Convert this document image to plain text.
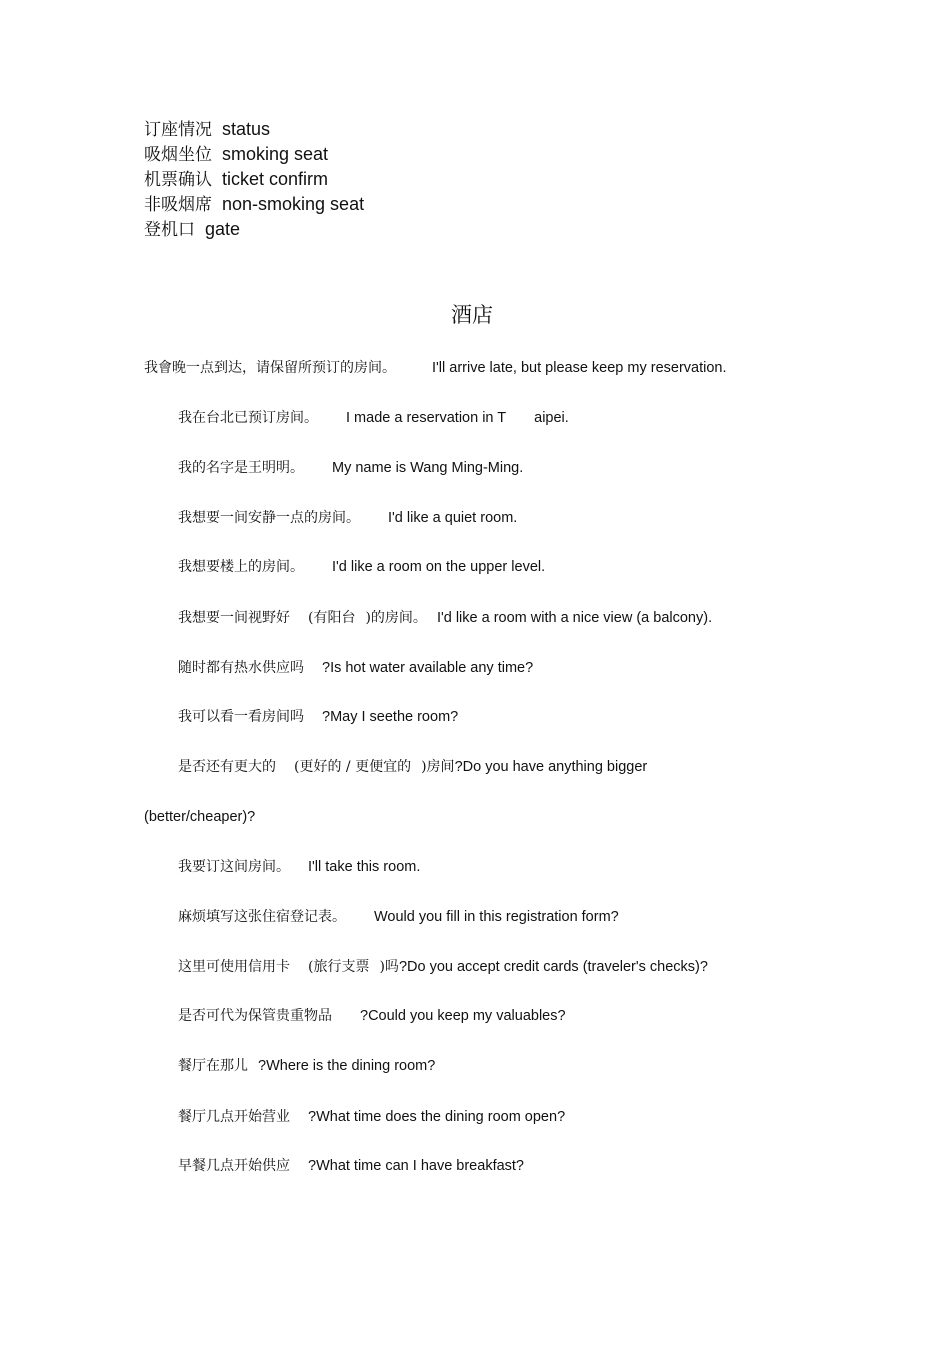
订座情况 status
吸烟坐位 smoking seat
机票确认 ticket confirm
非吸烟席 non-smoking seat
登机口 gate
酒店
我會晚一点到达，请保留所预订的房间。 I'll arrive late, but please keep my reservation.
我在台北已预订房间。 I made a reservation in T aipei.
我的名字是王明明。 My name is Wang Ming-Ming.
我想要一间安静一点的房间。 I'd like a quiet room.
我想要楼上的房间。 I'd like a room on the upper level.
我想要一间视野好 (有阳台 )的房间。 I'd like a room with a nice view (a balcony).
随时都有热水供应吗 ?Is hot water available any time?
我可以看一看房间吗 ?May I seethe room?
是否还有更大的 (更好的 / 更便宜的 )房间?Do you have anything bigger
(better/cheaper)?
我要订这间房间。 I'll take this room.
麻烦填写这张住宿登记表。 Would you fill in this registration form?
这里可使用信用卡 (旅行支票 )吗?Do you accept credit cards (traveler's checks)?
是否可代为保管贵重物品 ?Could you keep my valuables?
餐厅在那儿 ?Where is the dining room?
餐厅几点开始营业 ?What time does the dining room open?
早餐几点开始供应 ?What time can I have breakfast?
